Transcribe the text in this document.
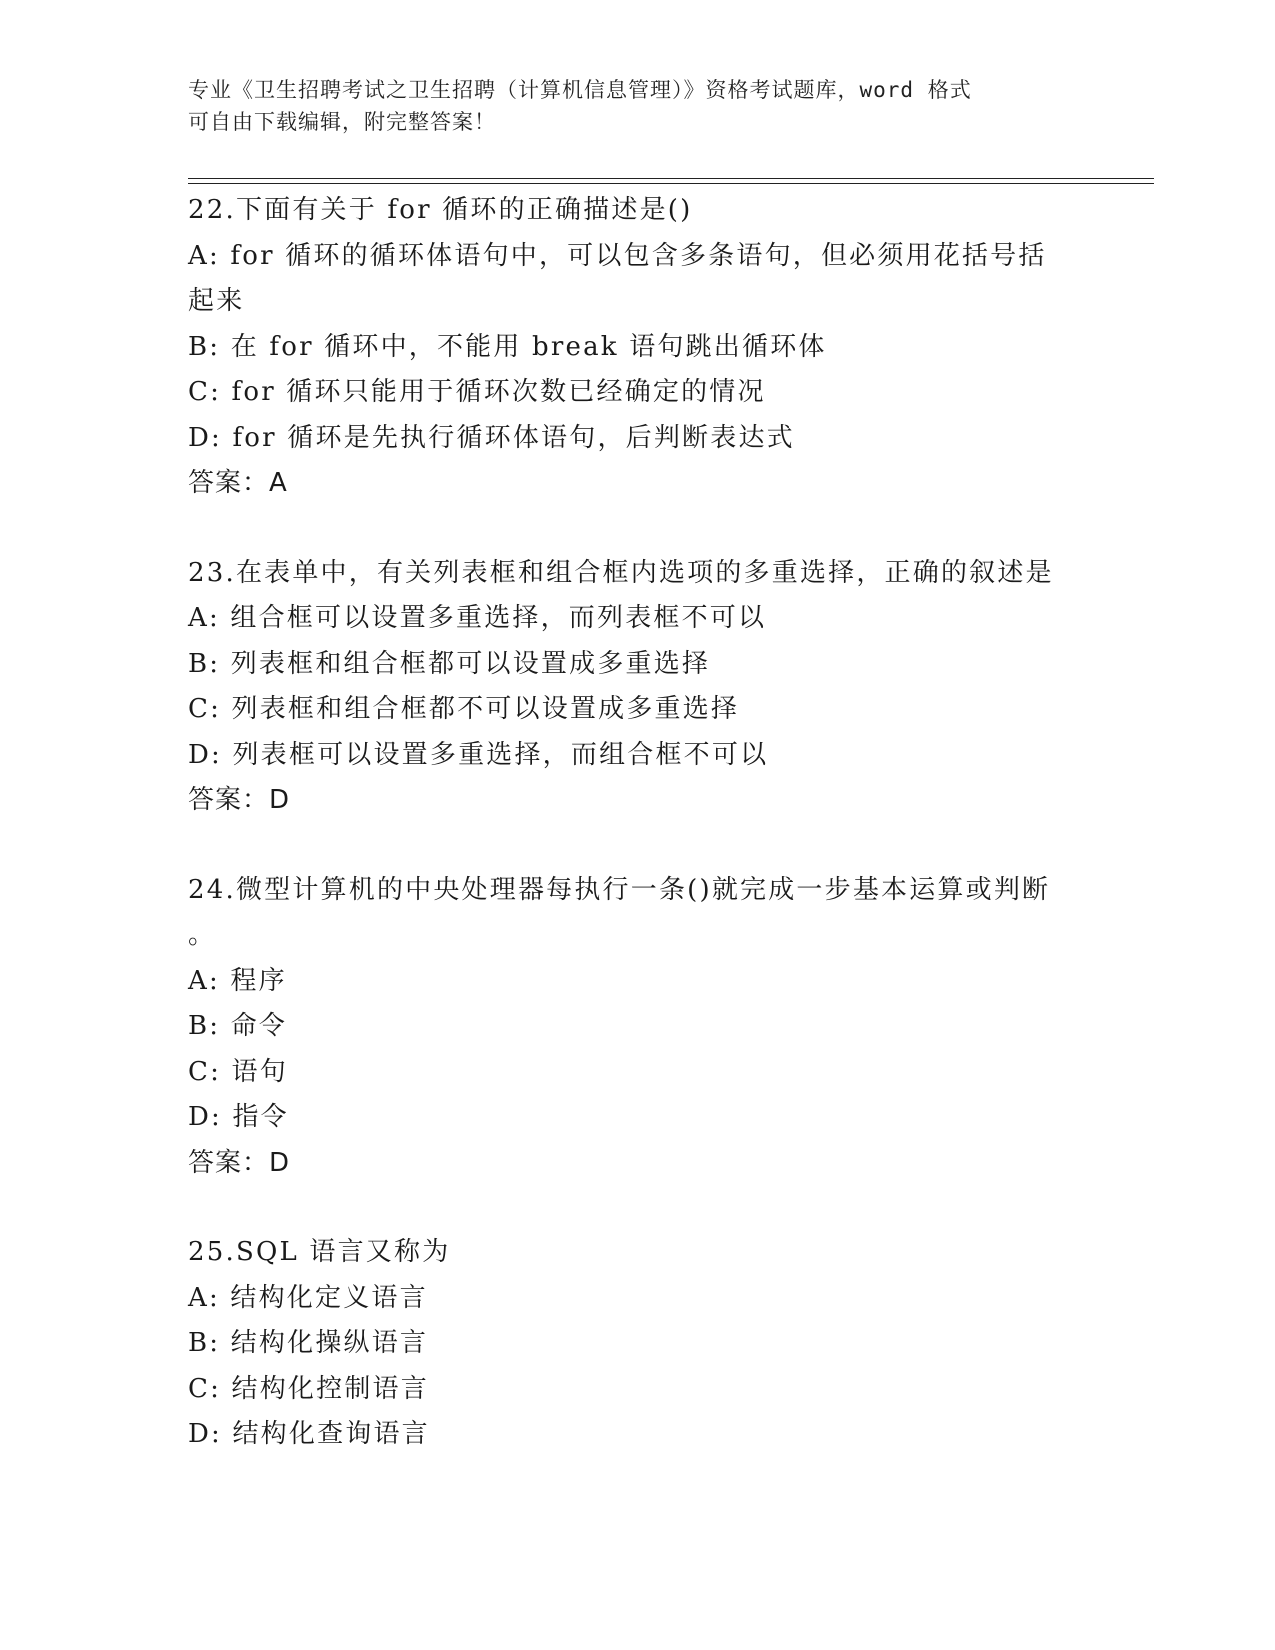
专业《卫生招聘考试之卫生招聘（计算机信息管理）》资格考试题库，word 格式
可自由下载编辑，附完整答案！
22.下面有关于 for 循环的正确描述是()
A: for 循环的循环体语句中，可以包含多条语句，但必须用花括号括
起来
B: 在 for 循环中，不能用 break 语句跳出循环体
C: for 循环只能用于循环次数已经确定的情况
D: for 循环是先执行循环体语句，后判断表达式
答案：A
23.在表单中，有关列表框和组合框内选项的多重选择，正确的叙述是
A: 组合框可以设置多重选择，而列表框不可以
B: 列表框和组合框都可以设置成多重选择
C: 列表框和组合框都不可以设置成多重选择
D: 列表框可以设置多重选择，而组合框不可以
答案：D
24.微型计算机的中央处理器每执行一条()就完成一步基本运算或判断
。
A: 程序
B: 命令
C: 语句
D: 指令
答案：D
25.SQL 语言又称为
A: 结构化定义语言
B: 结构化操纵语言
C: 结构化控制语言
D: 结构化查询语言
